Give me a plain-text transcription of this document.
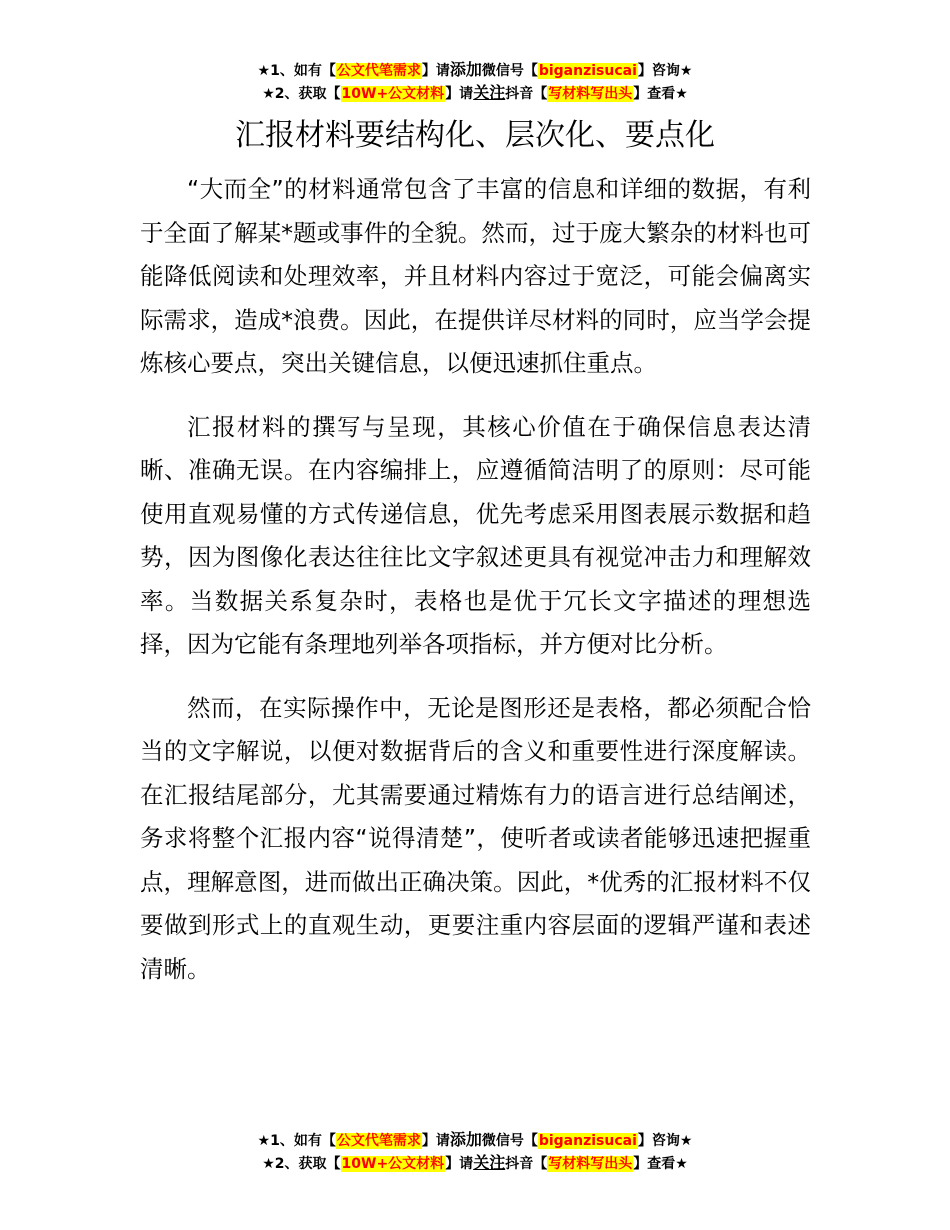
★1、如有【公文代笔需求】请添加微信号【biganzisucai】咨询★
★2、获取【10W+公文材料】请关注抖音【写材料写出头】查看★
汇报材料要结构化、层次化、要点化

“大而全”的材料通常包含了丰富的信息和详细的数据，有利于全面了解某*题或事件的全貌。然而，过于庞大繁杂的材料也可能降低阅读和处理效率，并且材料内容过于宽泛，可能会偏离实际需求，造成*浪费。因此，在提供详尽材料的同时，应当学会提炼核心要点，突出关键信息，以便迅速抓住重点。

汇报材料的撰写与呈现，其核心价值在于确保信息表达清晰、准确无误。在内容编排上，应遵循简洁明了的原则：尽可能使用直观易懂的方式传递信息，优先考虑采用图表展示数据和趋势，因为图像化表达往往比文字叙述更具有视觉冲击力和理解效率。当数据关系复杂时，表格也是优于冗长文字描述的理想选择，因为它能有条理地列举各项指标，并方便对比分析。

然而，在实际操作中，无论是图形还是表格，都必须配合恰当的文字解说，以便对数据背后的含义和重要性进行深度解读。在汇报结尾部分，尤其需要通过精炼有力的语言进行总结阐述，务求将整个汇报内容“说得清楚”，使听者或读者能够迅速把握重点，理解意图，进而做出正确决策。因此，*优秀的汇报材料不仅要做到形式上的直观生动，更要注重内容层面的逻辑严谨和表述清晰。

★1、如有【公文代笔需求】请添加微信号【biganzisucai】咨询★
★2、获取【10W+公文材料】请关注抖音【写材料写出头】查看★
